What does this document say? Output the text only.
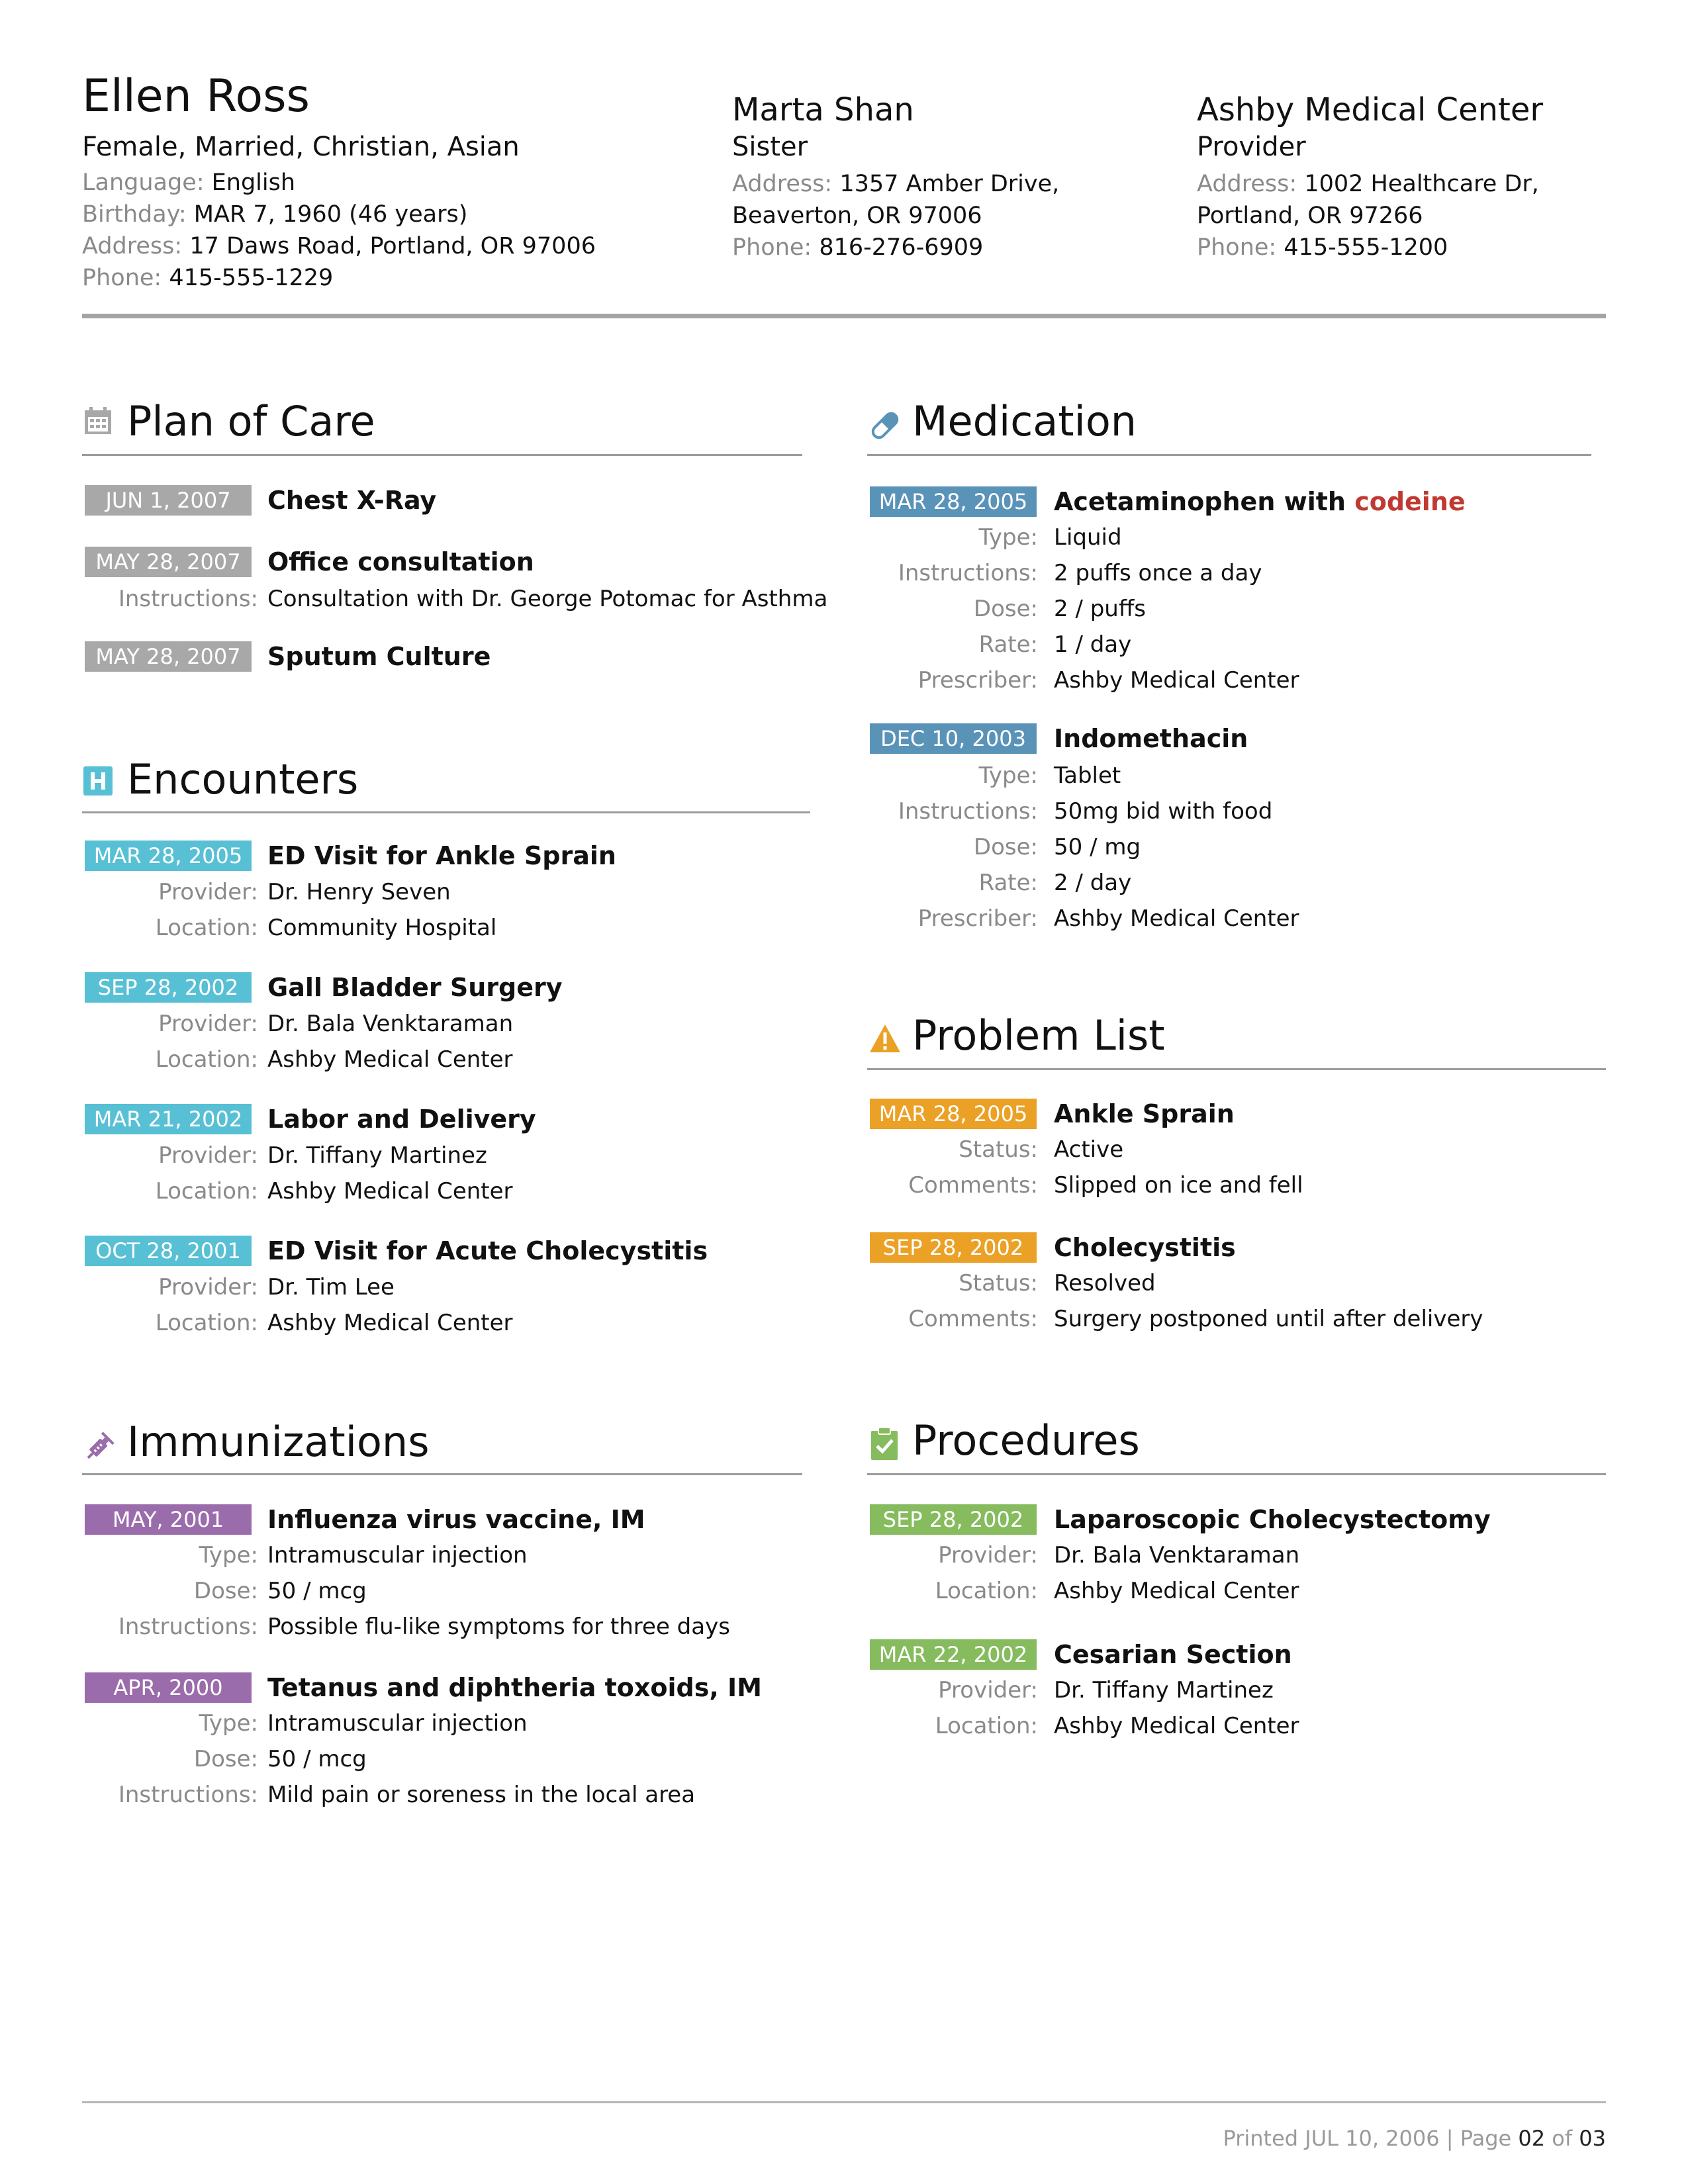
Ellen Ross
Female, Married, Christian, Asian
Language: English
Birthday: MAR 7, 1960 (46 years)
Address: 17 Daws Road, Portland, OR 97006
Phone: 415-555-1229
Marta Shan
Sister
Address: 1357 Amber Drive,
Beaverton, OR 97006
Phone: 816-276-6909
Ashby Medical Center
Provider
Address: 1002 Healthcare Dr,
Portland, OR 97266
Phone: 415-555-1200
Plan of Care
JUN 1, 2007	Chest X-Ray
MAY 28, 2007	Office consultation
Instructions: Consultation with Dr. George Potomac for Asthma
MAY 28, 2007	Sputum Culture
Encounters
MAR 28, 2005 ED Visit for Ankle Sprain
Provider: Dr. Henry Seven
Location: Community Hospital
SEP 28, 2002	Gall Bladder Surgery
Provider: Dr. Bala Venktaraman
Location: Ashby Medical Center
MAR 21, 2002 Labor and Delivery
Provider: Dr. Tiffany Martinez
Location: Ashby Medical Center
OCT 28, 2001	ED Visit for Acute Cholecystitis
Provider: Dr. Tim Lee
Location: Ashby Medical Center
Immunizations
MAY, 2001	Influenza virus vaccine, IM
Type: Intramuscular injection
Dose: 50 / mcg
Instructions: Possible flu-like symptoms for three days
APR, 2000	Tetanus and diphtheria toxoids, IM
Type: Intramuscular injection
Dose: 50 / mcg
Instructions: Mild pain or soreness in the local area
Medication
MAR 28, 2005	Acetaminophen with codeine
Type: Liquid
Instructions: 2 puffs once a day
Dose: 2 / puffs
Rate: 1 / day
Prescriber: Ashby Medical Center
DEC 10, 2003	Indomethacin
Type: Tablet
Instructions: 50mg bid with food
Dose: 50 / mg
Rate: 2 / day
Prescriber: Ashby Medical Center
Problem List
MAR 28, 2005	Ankle Sprain
Status: Active
Comments: Slipped on ice and fell
SEP 28, 2002	Cholecystitis
Status: Resolved
Comments: Surgery postponed until after delivery
Procedures
SEP 28, 2002	Laparoscopic Cholecystectomy
Provider: Dr. Bala Venktaraman
Location: Ashby Medical Center
MAR 22, 2002	Cesarian Section
Provider: Dr. Tiffany Martinez
Location: Ashby Medical Center
Printed JUL 10, 2006 | Page 02 of 03
